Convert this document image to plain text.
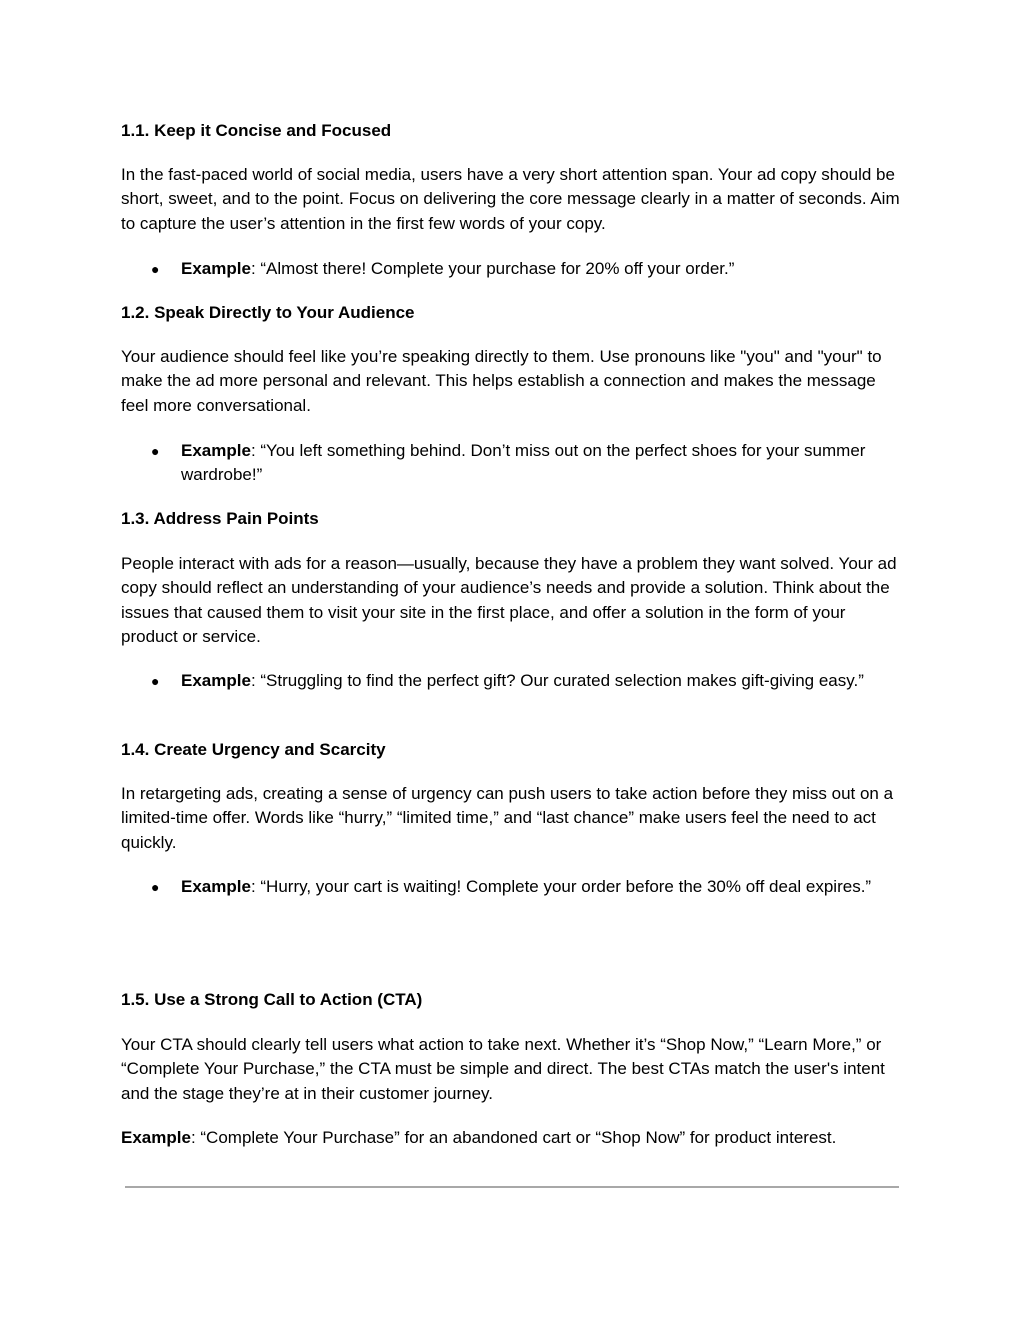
1.1. Keep it Concise and Focused
In the fast-paced world of social media, users have a very short attention span. Your ad copy should be short, sweet, and to the point. Focus on delivering the core message clearly in a matter of seconds. Aim to capture the user’s attention in the first few words of your copy.
● Example: “Almost there! Complete your purchase for 20% off your order.”
1.2. Speak Directly to Your Audience
Your audience should feel like you’re speaking directly to them. Use pronouns like "you" and "your" to make the ad more personal and relevant. This helps establish a connection and makes the message feel more conversational.
● Example: “You left something behind. Don’t miss out on the perfect shoes for your summer wardrobe!”
1.3. Address Pain Points
People interact with ads for a reason—usually, because they have a problem they want solved. Your ad copy should reflect an understanding of your audience’s needs and provide a solution. Think about the issues that caused them to visit your site in the first place, and offer a solution in the form of your product or service.
● Example: “Struggling to find the perfect gift? Our curated selection makes gift-giving easy.”
1.4. Create Urgency and Scarcity
In retargeting ads, creating a sense of urgency can push users to take action before they miss out on a limited-time offer. Words like “hurry,” “limited time,” and “last chance” make users feel the need to act quickly.
● Example: “Hurry, your cart is waiting! Complete your order before the 30% off deal expires.”
1.5. Use a Strong Call to Action (CTA)
Your CTA should clearly tell users what action to take next. Whether it’s “Shop Now,” “Learn More,” or “Complete Your Purchase,” the CTA must be simple and direct. The best CTAs match the user's intent and the stage they’re at in their customer journey.
Example: “Complete Your Purchase” for an abandoned cart or “Shop Now” for product interest.
